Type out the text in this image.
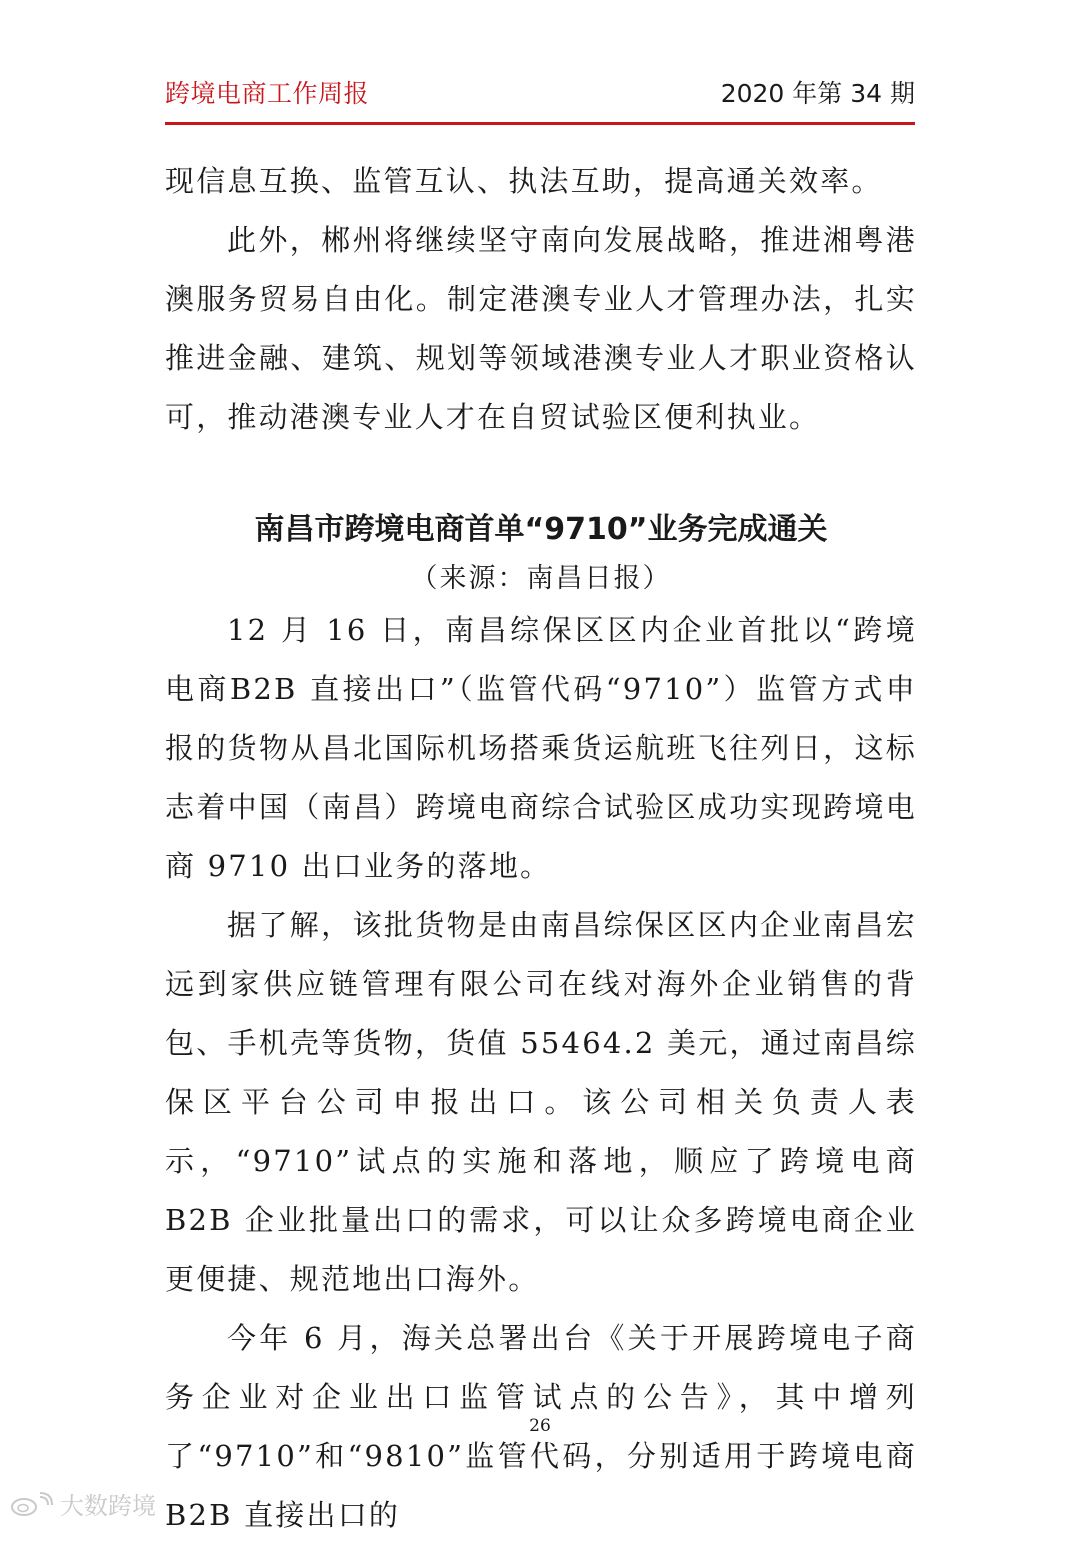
跨境电商工作周报	2020 年第 34 期

现信息互换、监管互认、执法互助，提高通关效率。

此外，郴州将继续坚守南向发展战略，推进湘粤港澳服务贸易自由化。制定港澳专业人才管理办法，扎实推进金融、建筑、规划等领域港澳专业人才职业资格认可，推动港澳专业人才在自贸试验区便利执业。

南昌市跨境电商首单“9710”业务完成通关
（来源：南昌日报）

12 月 16 日，南昌综保区区内企业首批以“跨境电商B2B 直接出口”（监管代码“9710”）监管方式申报的货物从昌北国际机场搭乘货运航班飞往列日，这标志着中国（南昌）跨境电商综合试验区成功实现跨境电商 9710 出口业务的落地。

据了解，该批货物是由南昌综保区区内企业南昌宏远到家供应链管理有限公司在线对海外企业销售的背包、手机壳等货物，货值 55464.2 美元，通过南昌综保区平台公司申报出口。该公司相关负责人表示，“9710”试点的实施和落地，顺应了跨境电商 B2B 企业批量出口的需求，可以让众多跨境电商企业更便捷、规范地出口海外。

今年 6 月，海关总署出台《关于开展跨境电子商务企业对企业出口监管试点的公告》，其中增列了“9710”和“9810”监管代码，分别适用于跨境电商 B2B 直接出口的

26
大数跨境
